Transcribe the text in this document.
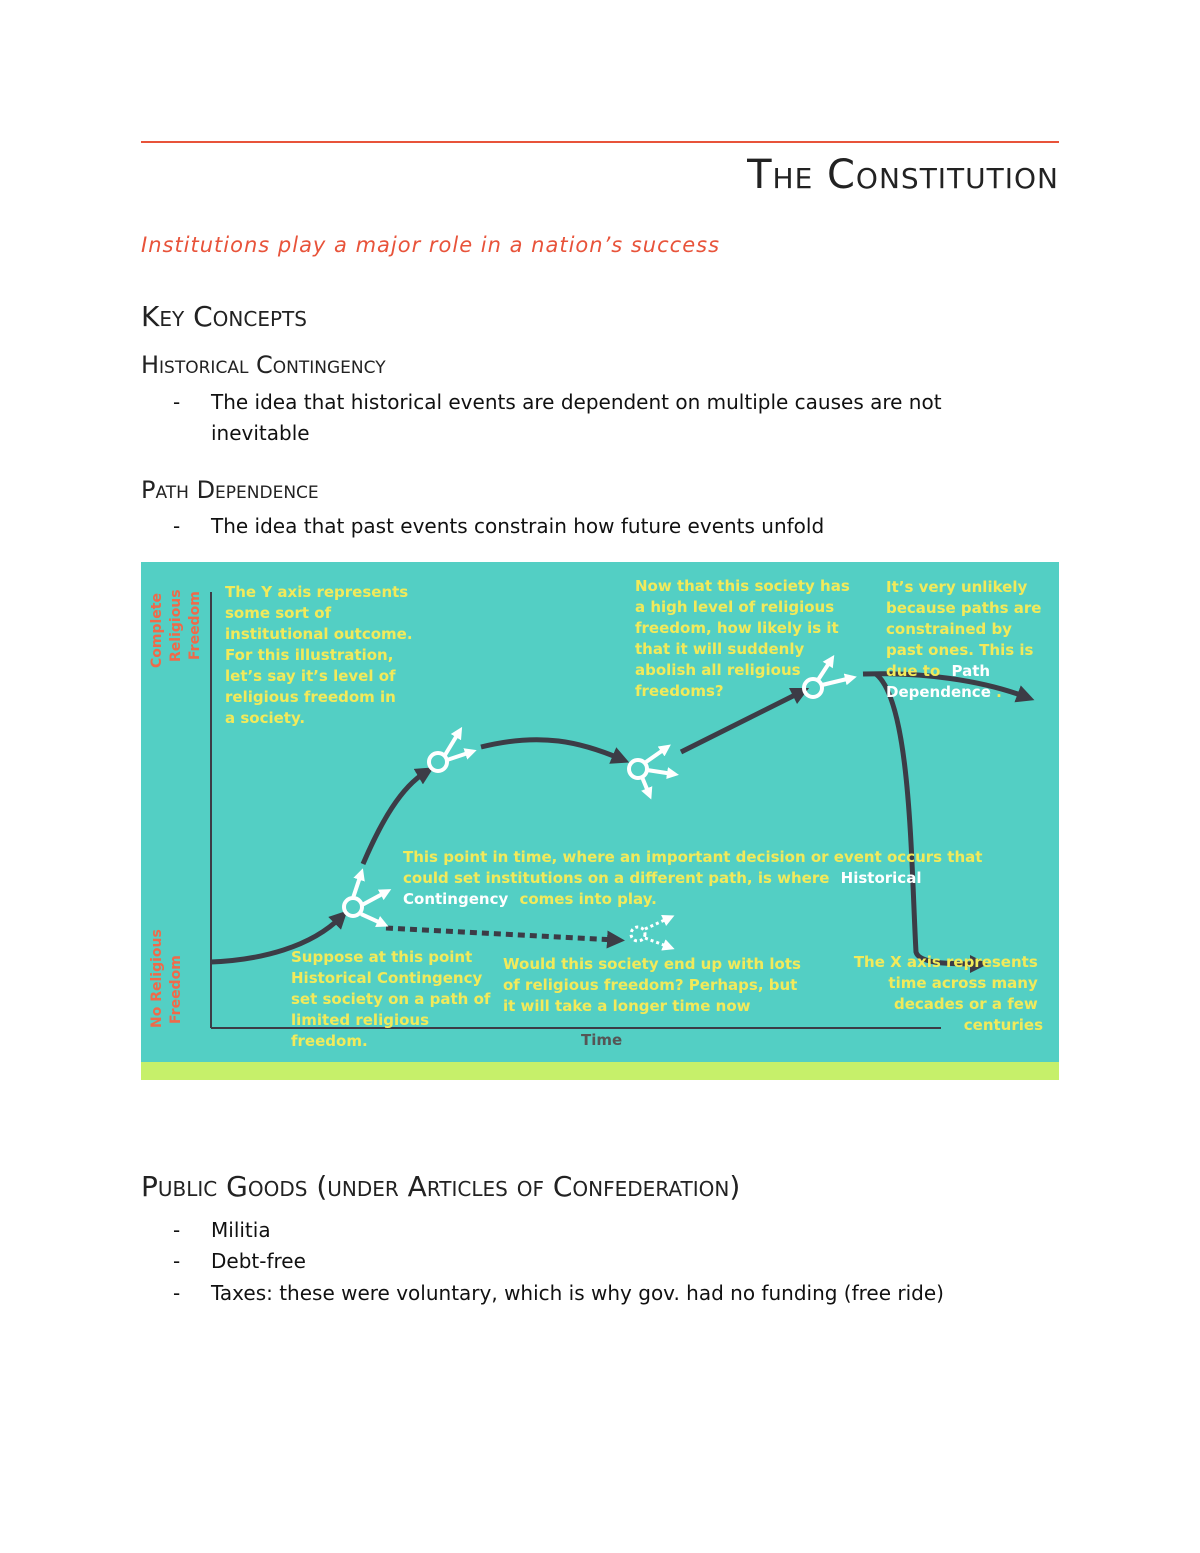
The Constitution
Institutions play a major role in a nation’s success
Key Concepts
Historical Contingency
- The idea that historical events are dependent on multiple causes are not inevitable
Path Dependence
- The idea that past events constrain how future events unfold
Complete Religious Freedom
No Religious Freedom
Time
The Y axis represents some sort of institutional outcome. For this illustration, let’s say it’s level of religious freedom in a society.
Now that this society has a high level of religious freedom, how likely is it that it will suddenly abolish all religious freedoms?
It’s very unlikely because paths are constrained by past ones. This is due to Path Dependence .
This point in time, where an important decision or event occurs that could set institutions on a different path, is where Historical Contingency comes into play.
Suppose at this point Historical Contingency set society on a path of limited religious freedom.
Would this society end up with lots of religious freedom? Perhaps, but it will take a longer time now
The X axis represents time across many decades or a few centuries
Public Goods (under Articles of Confederation)
- Militia
- Debt-free
- Taxes: these were voluntary, which is why gov. had no funding (free ride)
